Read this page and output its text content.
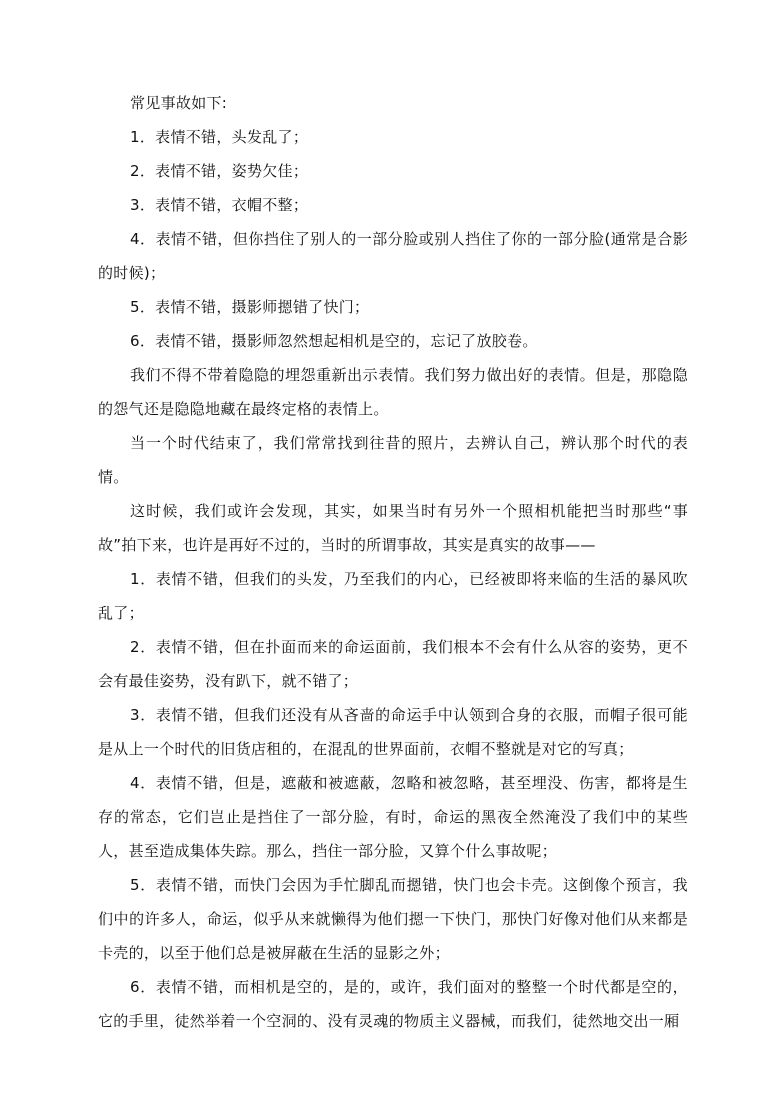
常见事故如下:

1．表情不错，头发乱了；

2．表情不错，姿势欠佳；

3．表情不错，衣帽不整；

4．表情不错，但你挡住了别人的一部分脸或别人挡住了你的一部分脸(通常是合影的时候)；

5．表情不错，摄影师摁错了快门；

6．表情不错，摄影师忽然想起相机是空的，忘记了放胶卷。

我们不得不带着隐隐的埋怨重新出示表情。我们努力做出好的表情。但是，那隐隐的怨气还是隐隐地藏在最终定格的表情上。

当一个时代结束了，我们常常找到往昔的照片，去辨认自己，辨认那个时代的表情。

这时候，我们或许会发现，其实，如果当时有另外一个照相机能把当时那些“事故”拍下来，也许是再好不过的，当时的所谓事故，其实是真实的故事——

1．表情不错，但我们的头发，乃至我们的内心，已经被即将来临的生活的暴风吹乱了；

2．表情不错，但在扑面而来的命运面前，我们根本不会有什么从容的姿势，更不会有最佳姿势，没有趴下，就不错了；

3．表情不错，但我们还没有从吝啬的命运手中认领到合身的衣服，而帽子很可能是从上一个时代的旧货店租的，在混乱的世界面前，衣帽不整就是对它的写真；

4．表情不错，但是，遮蔽和被遮蔽，忽略和被忽略，甚至埋没、伤害，都将是生存的常态，它们岂止是挡住了一部分脸，有时，命运的黑夜全然淹没了我们中的某些人，甚至造成集体失踪。那么，挡住一部分脸，又算个什么事故呢；

5．表情不错，而快门会因为手忙脚乱而摁错，快门也会卡壳。这倒像个预言，我们中的许多人，命运，似乎从来就懒得为他们摁一下快门，那快门好像对他们从来都是卡壳的，以至于他们总是被屏蔽在生活的显影之外；

6．表情不错，而相机是空的，是的，或许，我们面对的整整一个时代都是空的，它的手里，徒然举着一个空洞的、没有灵魂的物质主义器械，而我们，徒然地交出一厢
